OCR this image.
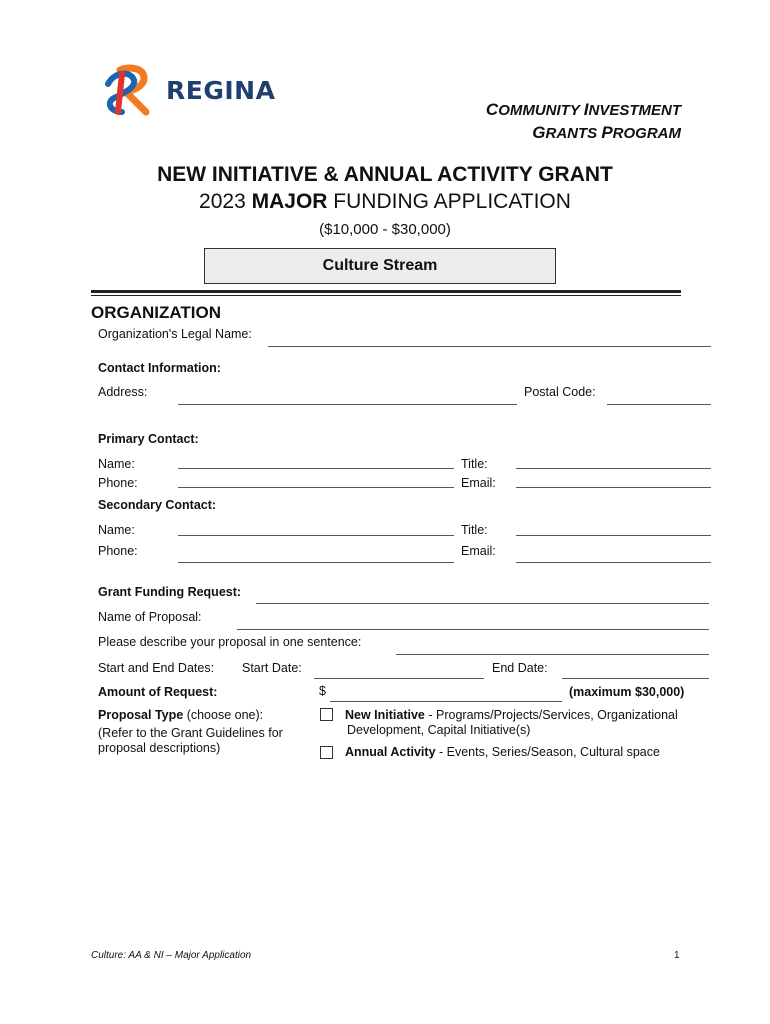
REGINA
COMMUNITY INVESTMENT
GRANTS PROGRAM
NEW INITIATIVE & ANNUAL ACTIVITY GRANT
2023 MAJOR FUNDING APPLICATION
($10,000 - $30,000)
Culture Stream
ORGANIZATION
Organization's Legal Name:
Contact Information:
Address:	Postal Code:
Primary Contact:
Name:	Title:
Phone:	Email:
Secondary Contact:
Name:	Title:
Phone:	Email:
Grant Funding Request:
Name of Proposal:
Please describe your proposal in one sentence:
Start and End Dates: Start Date:	End Date:
Amount of Request:	$	(maximum $30,000)
Proposal Type (choose one):
(Refer to the Grant Guidelines for
proposal descriptions)
New Initiative - Programs/Projects/Services, Organizational
Development, Capital Initiative(s)
Annual Activity - Events, Series/Season, Cultural space
Culture: AA & NI – Major Application	1
